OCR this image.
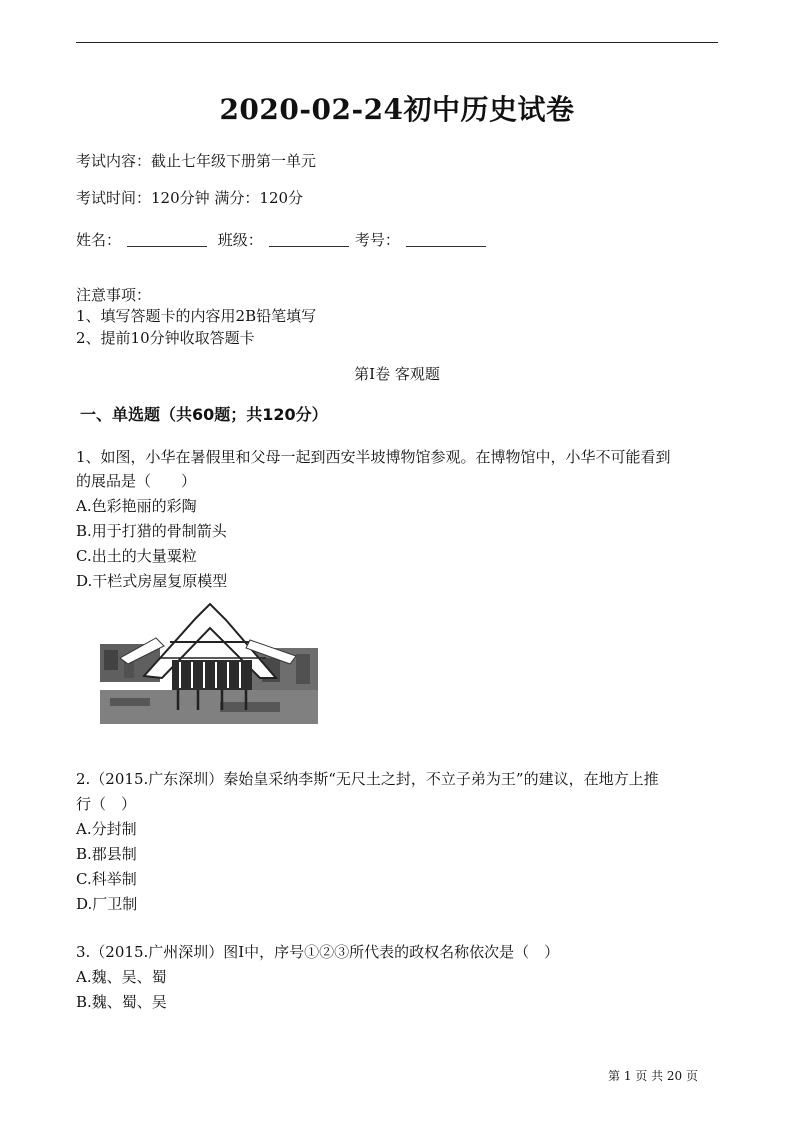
2020-02-24初中历史试卷
考试内容：截止七年级下册第一单元
考试时间：120分钟 满分：120分
姓名：	班级：	考号：
注意事项：
1、填写答题卡的内容用2B铅笔填写
2、提前10分钟收取答题卡
第Ⅰ卷 客观题
一、单选题（共60题；共120分）
1、如图，小华在暑假里和父母一起到西安半坡博物馆参观。在博物馆中，小华不可能看到
的展品是（　　）
A.色彩艳丽的彩陶
B.用于打猎的骨制箭头
C.出土的大量粟粒
D.干栏式房屋复原模型
2.（2015.广东深圳）秦始皇采纳李斯“无尺土之封，不立子弟为王”的建议，在地方上推
行（　）
A.分封制
B.郡县制
C.科举制
D.厂卫制
3.（2015.广州深圳）图Ⅰ中，序号①②③所代表的政权名称依次是（　）
A.魏、吴、蜀
B.魏、蜀、吴
第 1 页 共 20 页
